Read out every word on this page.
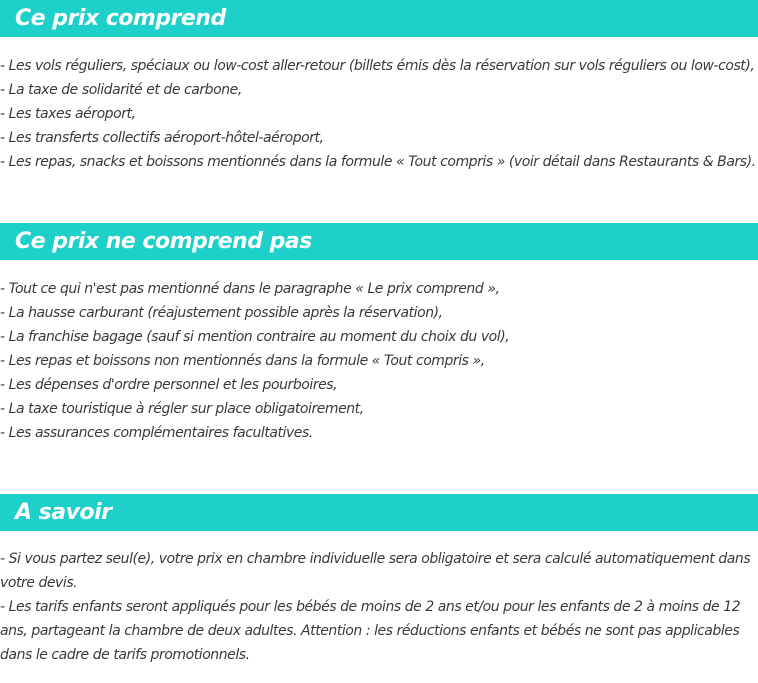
Ce prix comprend
- Les vols réguliers, spéciaux ou low-cost aller-retour (billets émis dès la réservation sur vols réguliers ou low-cost),
- La taxe de solidarité et de carbone,
- Les taxes aéroport,
- Les transferts collectifs aéroport-hôtel-aéroport,
- Les repas, snacks et boissons mentionnés dans la formule « Tout compris » (voir détail dans Restaurants & Bars).
Ce prix ne comprend pas
- Tout ce qui n'est pas mentionné dans le paragraphe « Le prix comprend »,
- La hausse carburant (réajustement possible après la réservation),
- La franchise bagage (sauf si mention contraire au moment du choix du vol),
- Les repas et boissons non mentionnés dans la formule « Tout compris »,
- Les dépenses d'ordre personnel et les pourboires,
- La taxe touristique à régler sur place obligatoirement,
- Les assurances complémentaires facultatives.
A savoir
- Si vous partez seul(e), votre prix en chambre individuelle sera obligatoire et sera calculé automatiquement dans votre devis.
- Les tarifs enfants seront appliqués pour les bébés de moins de 2 ans et/ou pour les enfants de 2 à moins de 12 ans, partageant la chambre de deux adultes. Attention : les réductions enfants et bébés ne sont pas applicables dans le cadre de tarifs promotionnels.
